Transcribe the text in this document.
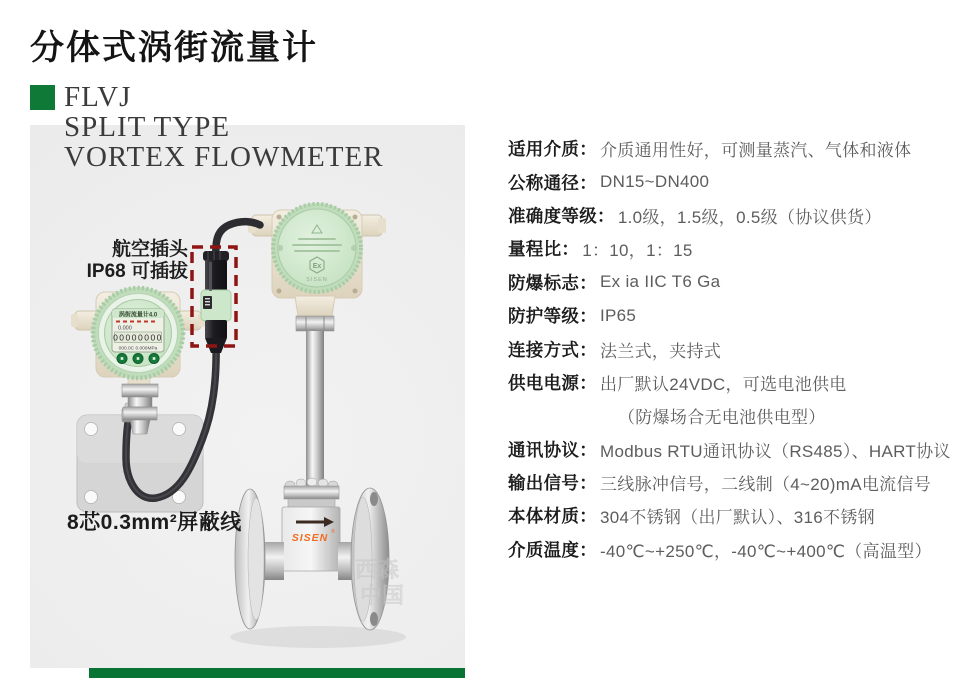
分体式涡街流量计
FLVJ
SPLIT TYPE
VORTEX FLOWMETER
Ex
SISEN
SISEN ®
西森
中国
涡街流量计4.0
0.000
00000000
000.0C 0.000MPa
航空插头
IP68 可插拔
8芯0.3mm²屏蔽线
适用介质： 介质通用性好，可测量蒸汽、气体和液体
公称通径： DN15~DN400
准确度等级： 1.0级，1.5级，0.5级（协议供货）
量程比： 1：10，1：15
防爆标志： Ex ia IIC T6 Ga
防护等级： IP65
连接方式： 法兰式，夹持式
供电电源： 出厂默认24VDC，可选电池供电
（防爆场合无电池供电型）
通讯协议： Modbus RTU通讯协议（RS485）、HART协议
输出信号： 三线脉冲信号，二线制（4~20)mA电流信号
本体材质： 304不锈钢（出厂默认）、316不锈钢
介质温度： -40℃~+250℃，-40℃~+400℃（高温型）
